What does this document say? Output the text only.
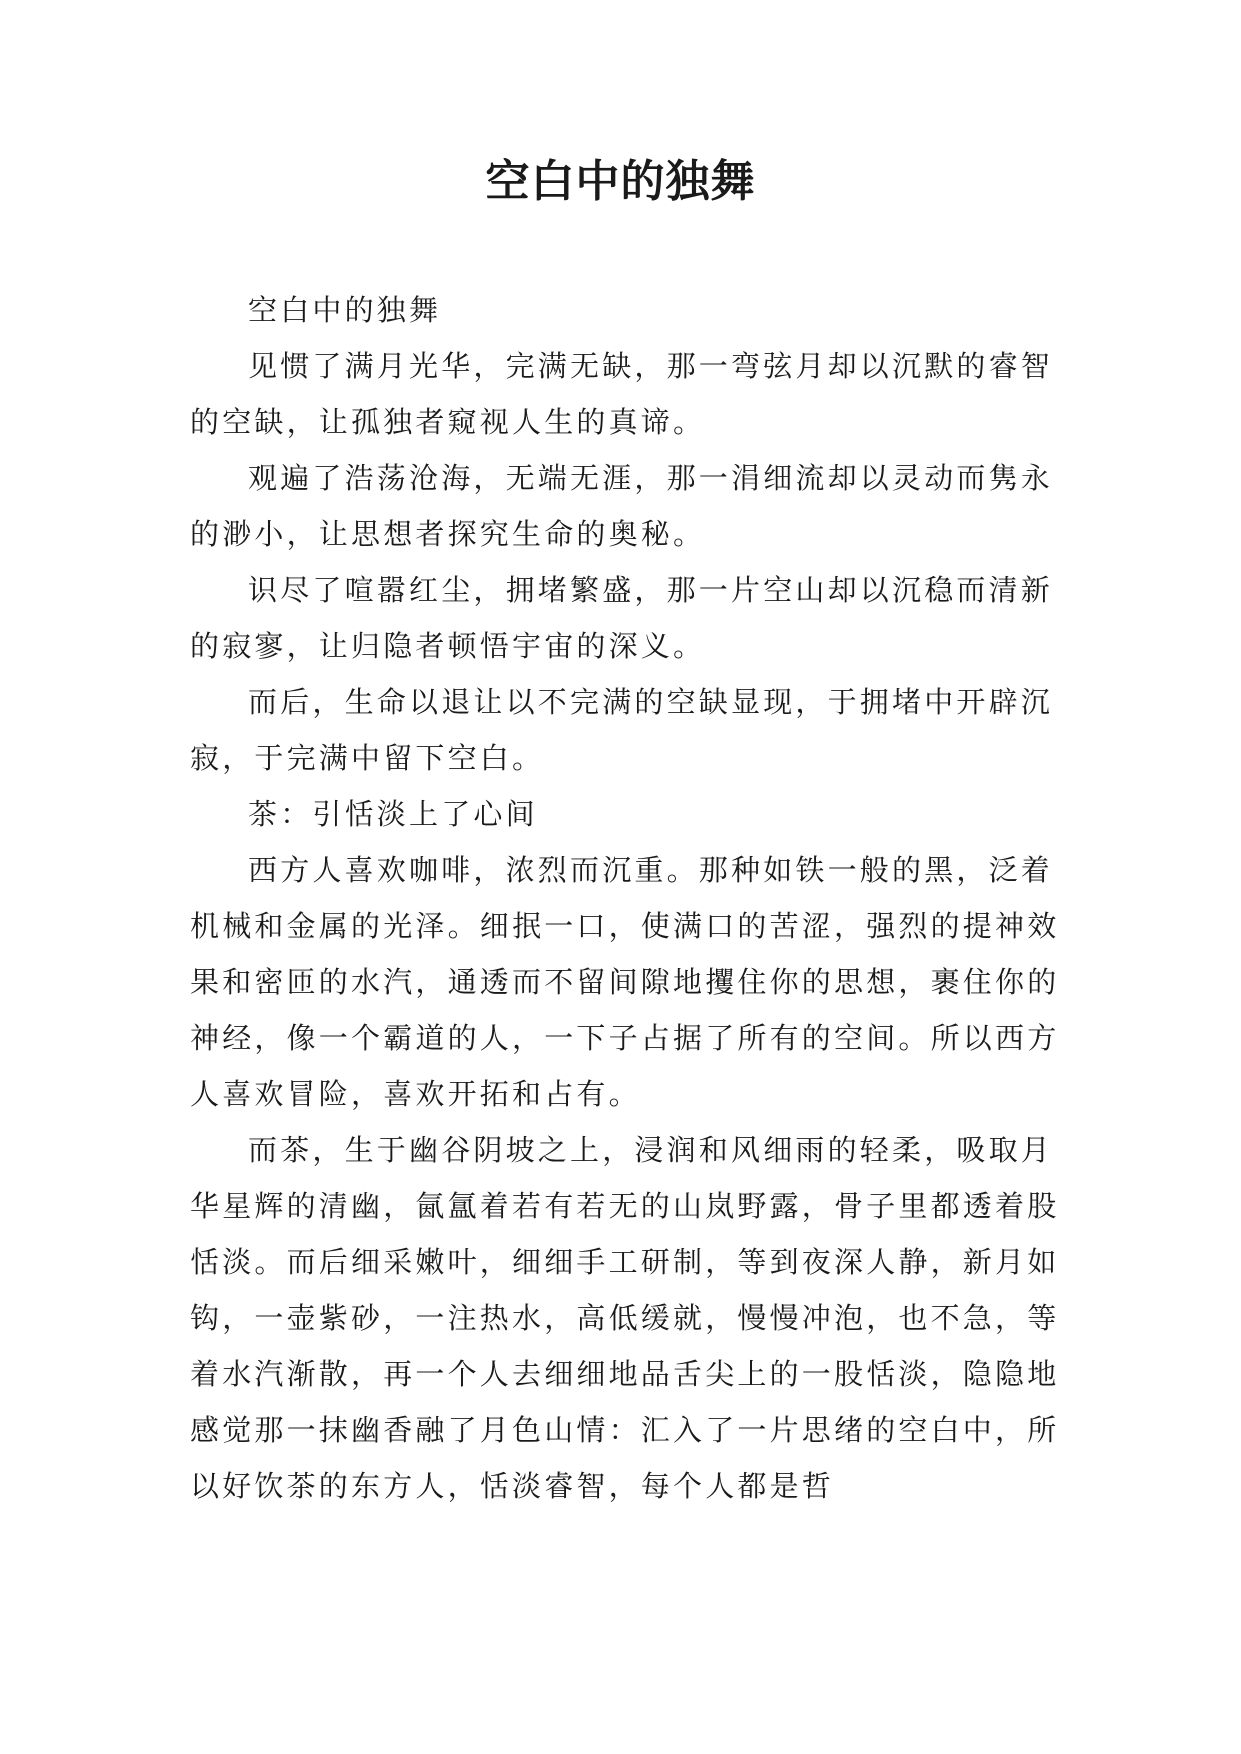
空白中的独舞

空白中的独舞

见惯了满月光华，完满无缺，那一弯弦月却以沉默的睿智的空缺，让孤独者窥视人生的真谛。

观遍了浩荡沧海，无端无涯，那一涓细流却以灵动而隽永的渺小，让思想者探究生命的奥秘。

识尽了喧嚣红尘，拥堵繁盛，那一片空山却以沉稳而清新的寂寥，让归隐者顿悟宇宙的深义。

而后，生命以退让以不完满的空缺显现，于拥堵中开辟沉寂，于完满中留下空白。

茶：引恬淡上了心间

西方人喜欢咖啡，浓烈而沉重。那种如铁一般的黑，泛着机械和金属的光泽。细抿一口，使满口的苦涩，强烈的提神效果和密匝的水汽，通透而不留间隙地攫住你的思想，裹住你的神经，像一个霸道的人，一下子占据了所有的空间。所以西方人喜欢冒险，喜欢开拓和占有。

而茶，生于幽谷阴坡之上，浸润和风细雨的轻柔，吸取月华星辉的清幽，氤氲着若有若无的山岚野露，骨子里都透着股恬淡。而后细采嫩叶，细细手工研制，等到夜深人静，新月如钩，一壶紫砂，一注热水，高低缓就，慢慢冲泡，也不急，等着水汽渐散，再一个人去细细地品舌尖上的一股恬淡，隐隐地感觉那一抹幽香融了月色山情：汇入了一片思绪的空白中，所以好饮茶的东方人，恬淡睿智，每个人都是哲
